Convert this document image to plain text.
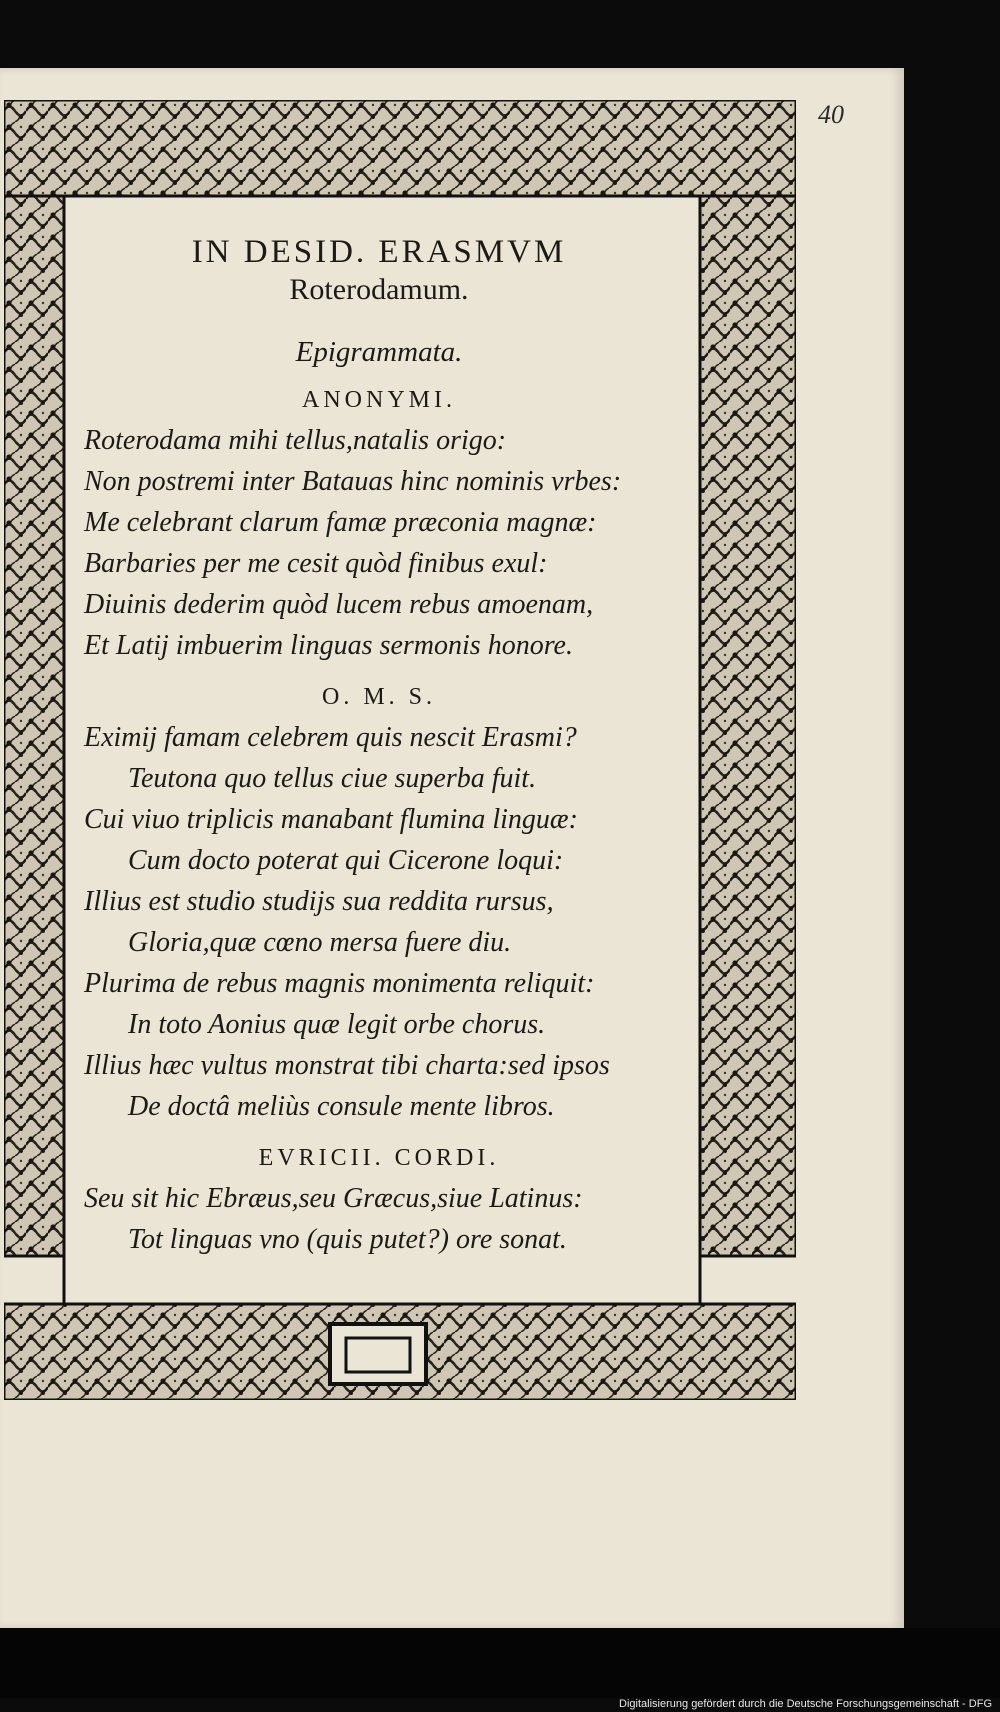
40

IN DESID. ERASMVM

Roterodamum.

Epigrammata.

ANONYMI.

Roterodama mihi tellus,natalis origo:

Non postremi inter Batauas hinc nominis vrbes:

Me celebrant clarum famæ præconia magnæ:

Barbaries per me cesit quòd finibus exul:

Diuinis dederim quòd lucem rebus amoenam,

Et Latij imbuerim linguas sermonis honore.

O. M. S.

Eximij famam celebrem quis nescit Erasmi?

Teutona quo tellus ciue superba fuit.

Cui viuo triplicis manabant flumina linguæ:

Cum docto poterat qui Cicerone loqui:

Illius est studio studijs sua reddita rursus,

Gloria,quæ cœno mersa fuere diu.

Plurima de rebus magnis monimenta reliquit:

In toto Aonius quæ legit orbe chorus.

Illius hæc vultus monstrat tibi charta:sed ipsos

De doctâ meliùs consule mente libros.

EVRICII. CORDI.

Seu sit hic Ebræus,seu Græcus,siue Latinus:

Tot linguas vno (quis putet?) ore sonat.

Digitalisierung gefördert durch die Deutsche Forschungsgemeinschaft - DFG
